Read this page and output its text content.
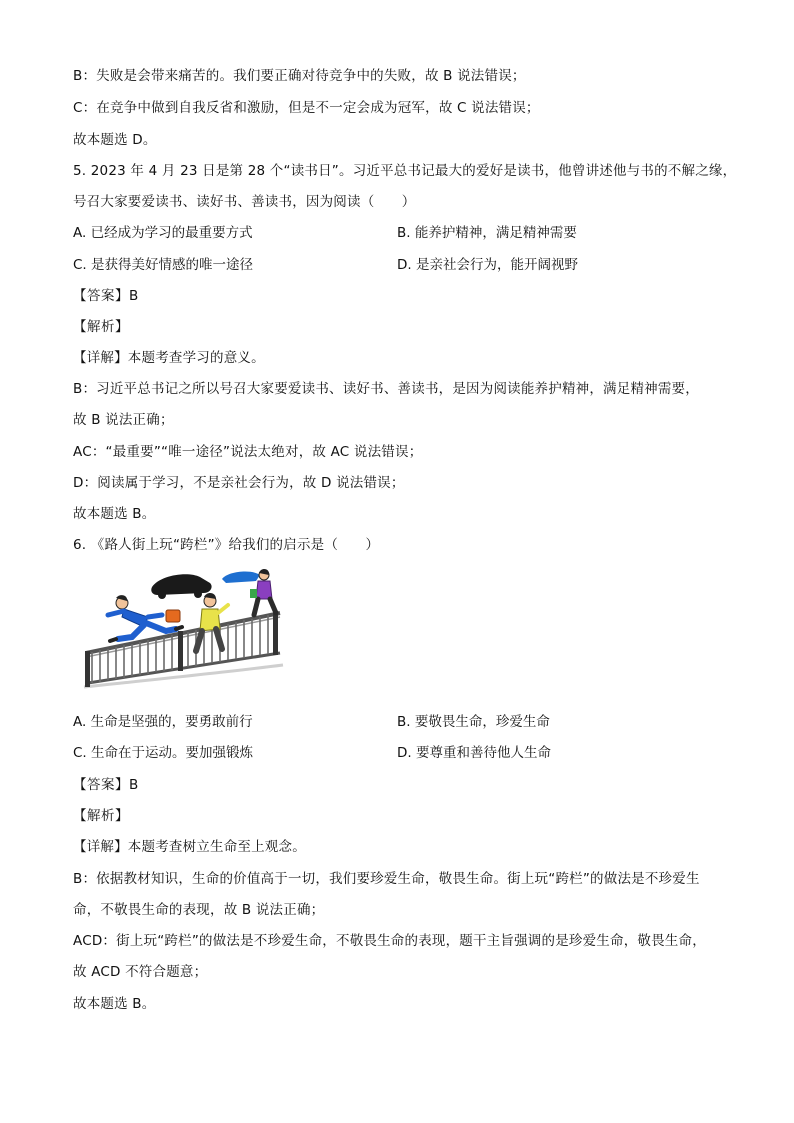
B：失败是会带来痛苦的。我们要正确对待竞争中的失败，故 B 说法错误；
C：在竞争中做到自我反省和激励，但是不一定会成为冠军，故 C 说法错误；
故本题选 D。
5. 2023 年 4 月 23 日是第 28 个“读书日”。习近平总书记最大的爱好是读书，他曾讲述他与书的不解之缘，
号召大家要爱读书、读好书、善读书，因为阅读（　　）
A. 已经成为学习的最重要方式	B. 能养护精神，满足精神需要
C. 是获得美好情感的唯一途径	D. 是亲社会行为，能开阔视野
【答案】B
【解析】
【详解】本题考查学习的意义。
B：习近平总书记之所以号召大家要爱读书、读好书、善读书，是因为阅读能养护精神，满足精神需要，
故 B 说法正确；
AC：“最重要”“唯一途径”说法太绝对，故 AC 说法错误；
D：阅读属于学习，不是亲社会行为，故 D 说法错误；
故本题选 B。
6. 《路人街上玩“跨栏”》给我们的启示是（　　）
A. 生命是坚强的，要勇敢前行	B. 要敬畏生命，珍爱生命
C. 生命在于运动。要加强锻炼	D. 要尊重和善待他人生命
【答案】B
【解析】
【详解】本题考查树立生命至上观念。
B：依据教材知识，生命的价值高于一切，我们要珍爱生命，敬畏生命。街上玩“跨栏”的做法是不珍爱生
命，不敬畏生命的表现，故 B 说法正确；
ACD：街上玩“跨栏”的做法是不珍爱生命，不敬畏生命的表现，题干主旨强调的是珍爱生命，敬畏生命，
故 ACD 不符合题意；
故本题选 B。
